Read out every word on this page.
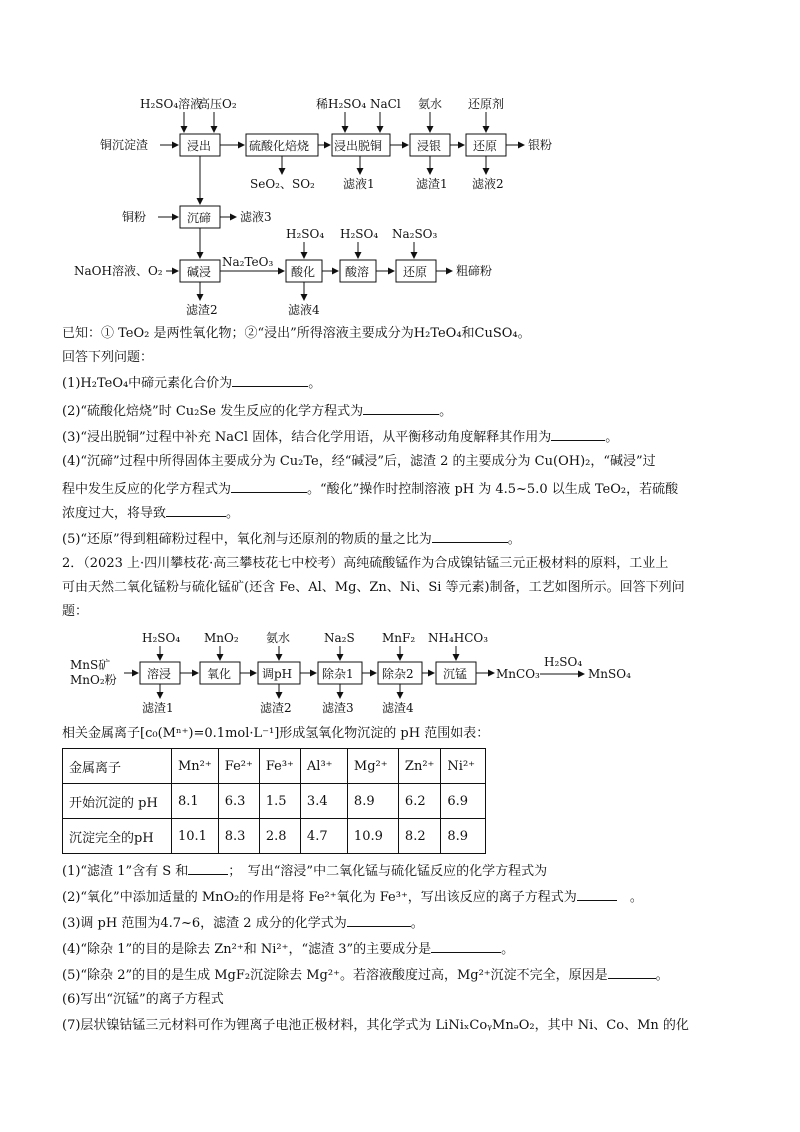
铜沉淀渣	浸出	硫酸化焙烧 浸出脱铜	浸银	还原	银粉
H₂SO₄溶液
高压O₂	稀H₂SO₄ NaCl 氨水 还原剂
SeO₂、SO₂ 滤液1	滤渣1 滤液2
沉碲
铜粉	滤液3
NaOH溶液、O₂ 碱浸	酸化 酸溶	还原 粗碲粉
Na₂TeO₃
H₂SO₄ H₂SO₄ Na₂SO₃
滤渣2	滤液4
已知：① TeO₂ 是两性氧化物；②“浸出”所得溶液主要成分为H₂TeO₄和CuSO₄。
回答下列问题：
(1)H₂TeO₄中碲元素化合价为	。
(2)“硫酸化焙烧”时 Cu₂Se 发生反应的化学方程式为	。
(3)“浸出脱铜”过程中补充 NaCl 固体，结合化学用语，从平衡移动角度解释其作用为	。
(4)“沉碲”过程中所得固体主要成分为 Cu₂Te，经“碱浸”后，滤渣 2 的主要成分为 Cu(OH)₂，“碱浸”过
程中发生反应的化学方程式为	。“酸化”操作时控制溶液 pH 为 4.5~5.0 以生成 TeO₂，若硫酸
浓度过大，将导致	。
(5)“还原”得到粗碲粉过程中，氧化剂与还原剂的物质的量之比为	。
2．（2023 上·四川攀枝花·高三攀枝花七中校考）高纯硫酸锰作为合成镍钴锰三元正极材料的原料，工业上
可由天然二氧化锰粉与硫化锰矿(还含 Fe、Al、Mg、Zn、Ni、Si 等元素)制备，工艺如图所示。回答下列问
题：
MnS矿
MnO₂粉	溶浸	氧化	调pH 除杂1 除杂2 沉锰
H₂SO₄ MnO₂ 氨水	Na₂S MnF₂ NH₄HCO₃
滤渣1	滤渣2	滤渣3 滤渣4
MnCO₃
H₂SO₄
MnSO₄
相关金属离子[c₀(Mⁿ⁺)=0.1mol·L⁻¹]形成氢氧化物沉淀的 pH 范围如表：
金属离子	Mn²⁺	Fe²⁺	Fe³⁺	Al³⁺	Mg²⁺	Zn²⁺	Ni²⁺
开始沉淀的 pH	8.1	6.3	1.5	3.4	8.9	6.2	6.9
沉淀完全的pH	10.1	8.3	2.8	4.7	10.9	8.2	8.9
(1)“滤渣 1”含有 S 和	；　写出“溶浸”中二氧化锰与硫化锰反应的化学方程式为
(2)“氧化”中添加适量的 MnO₂的作用是将 Fe²⁺氧化为 Fe³⁺，写出该反应的离子方程式为	　。
(3)调 pH 范围为4.7~6，滤渣 2 成分的化学式为	。
(4)“除杂 1”的目的是除去 Zn²⁺和 Ni²⁺，“滤渣 3”的主要成分是	。
(5)“除杂 2”的目的是生成 MgF₂沉淀除去 Mg²⁺。若溶液酸度过高，Mg²⁺沉淀不完全，原因是	。
(6)写出“沉锰”的离子方程式
(7)层状镍钴锰三元材料可作为锂离子电池正极材料，其化学式为 LiNiₓCoᵧMnₔO₂，其中 Ni、Co、Mn 的化
